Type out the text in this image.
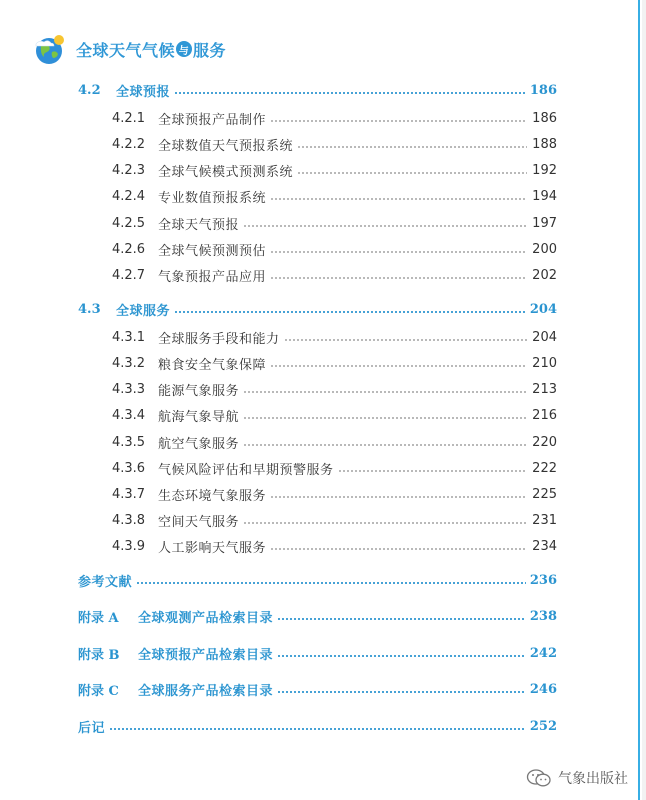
全球天气气候 与 服务
4.2	全球预报	186
4.2.1 全球预报产品制作	186
4.2.2 全球数值天气预报系统	188
4.2.3 全球气候模式预测系统	192
4.2.4 专业数值预报系统	194
4.2.5 全球天气预报	197
4.2.6 全球气候预测预估	200
4.2.7 气象预报产品应用	202
4.3	全球服务	204
4.3.1 全球服务手段和能力	204
4.3.2 粮食安全气象保障	210
4.3.3 能源气象服务	213
4.3.4 航海气象导航	216
4.3.5 航空气象服务	220
4.3.6 气候风险评估和早期预警服务	222
4.3.7 生态环境气象服务	225
4.3.8 空间天气服务	231
4.3.9 人工影响天气服务	234
参考文献	236
附录 A	全球观测产品检索目录	238
附录 B	全球预报产品检索目录	242
附录 C	全球服务产品检索目录	246
后记	252
气象出版社
